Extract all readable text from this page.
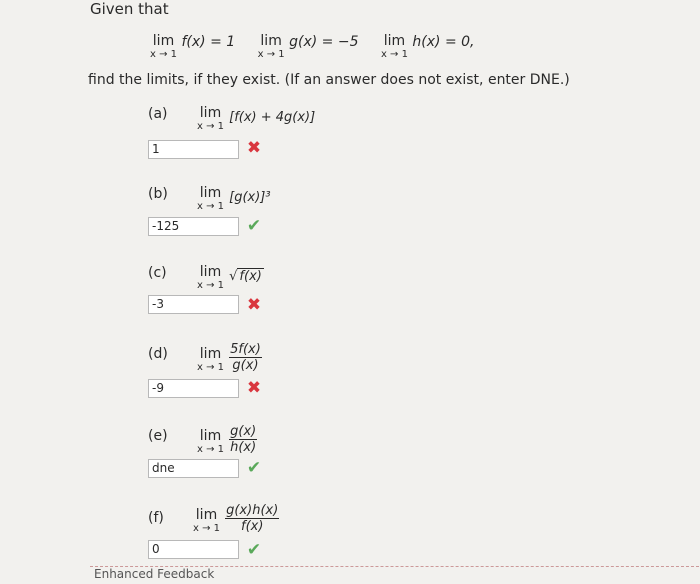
Given that
lim
x → 1
f(x) = 1 lim
x → 1
g(x) = −5 lim
x → 1
h(x) = 0,
find the limits, if they exist. (If an answer does not exist, enter DNE.)
(a) lim
x → 1
[f(x) + 4g(x)]
1	✖
(b) lim
x → 1
[g(x)]³
-125	✔
(c) lim
x → 1
√ f(x)
-3	✖
(d) lim
x → 1
$\frac{5f(x)}{g(x)}$
-9	✖
(e) lim
x → 1
$\frac{g(x)}{h(x)}$
dne	✔
(f) lim
x → 1
$\frac{g(x)h(x)}{f(x)}$
0	✔
Enhanced Feedback
